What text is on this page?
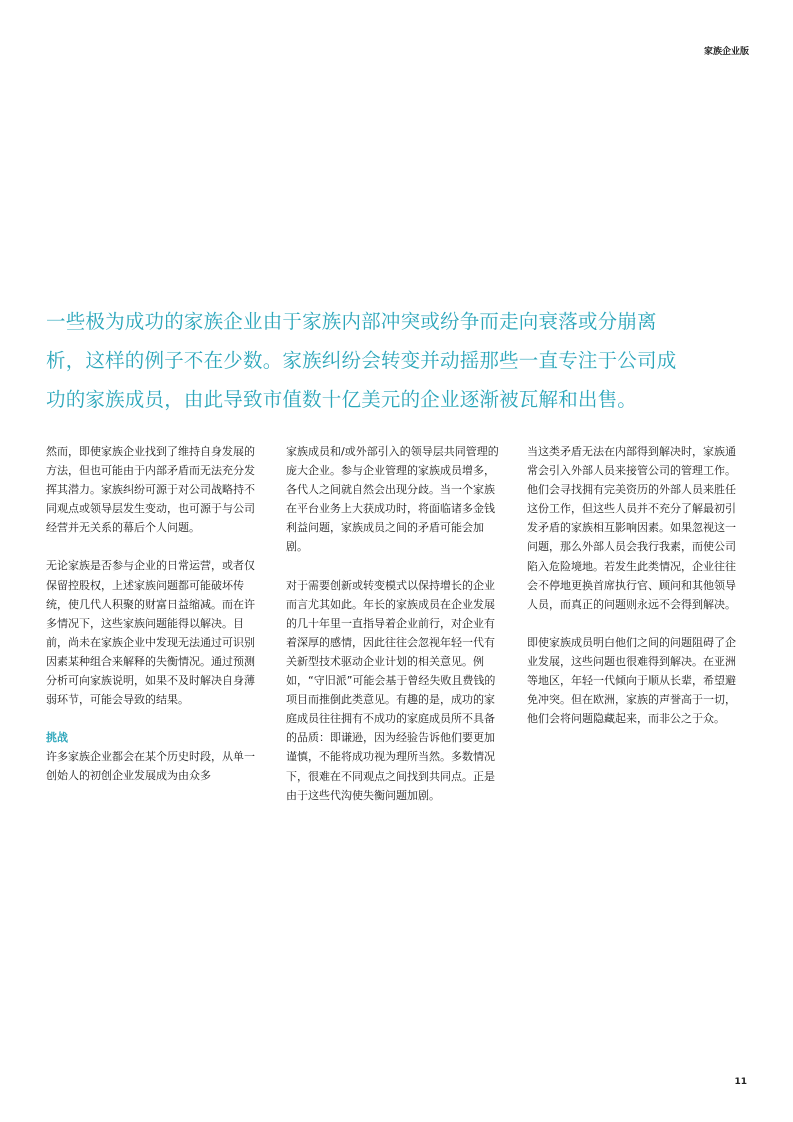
家族企业版
一些极为成功的家族企业由于家族内部冲突或纷争而走向衰落或分崩离
析，这样的例子不在少数。家族纠纷会转变并动摇那些一直专注于公司成
功的家族成员，由此导致市值数十亿美元的企业逐渐被瓦解和出售。

然而，即使家族企业找到了维持自身发展的方法，但也可能由于内部矛盾而无法充分发挥其潜力。家族纠纷可源于对公司战略持不同观点或领导层发生变动，也可源于与公司经营并无关系的幕后个人问题。

无论家族是否参与企业的日常运营，或者仅保留控股权，上述家族问题都可能破坏传统，使几代人积聚的财富日益缩减。而在许多情况下，这些家族问题能得以解决。目前，尚未在家族企业中发现无法通过可识别因素某种组合来解释的失衡情况。通过预测分析可向家族说明，如果不及时解决自身薄弱环节，可能会导致的结果。

挑战

许多家族企业都会在某个历史时段，从单一创始人的初创企业发展成为由众多

家族成员和/或外部引入的领导层共同管理的庞大企业。参与企业管理的家族成员增多，各代人之间就自然会出现分歧。当一个家族在平台业务上大获成功时，将面临诸多金钱利益问题，家族成员之间的矛盾可能会加剧。

对于需要创新或转变模式以保持增长的企业而言尤其如此。年长的家族成员在企业发展的几十年里一直指导着企业前行，对企业有着深厚的感情，因此往往会忽视年轻一代有关新型技术驱动企业计划的相关意见。例如，“守旧派”可能会基于曾经失败且费钱的项目而推倒此类意见。有趣的是，成功的家庭成员往往拥有不成功的家庭成员所不具备的品质：即谦逊，因为经验告诉他们要更加谨慎，不能将成功视为理所当然。多数情况下，很难在不同观点之间找到共同点。正是由于这些代沟使失衡问题加剧。

当这类矛盾无法在内部得到解决时，家族通常会引入外部人员来接管公司的管理工作。他们会寻找拥有完美资历的外部人员来胜任这份工作，但这些人员并不充分了解最初引发矛盾的家族相互影响因素。如果忽视这一问题，那么外部人员会我行我素，而使公司陷入危险境地。若发生此类情况，企业往往会不停地更换首席执行官、顾问和其他领导人员，而真正的问题则永远不会得到解决。

即使家族成员明白他们之间的问题阻碍了企业发展，这些问题也很难得到解决。在亚洲等地区，年轻一代倾向于顺从长辈，希望避免冲突。但在欧洲，家族的声誉高于一切，他们会将问题隐藏起来，而非公之于众。

11
